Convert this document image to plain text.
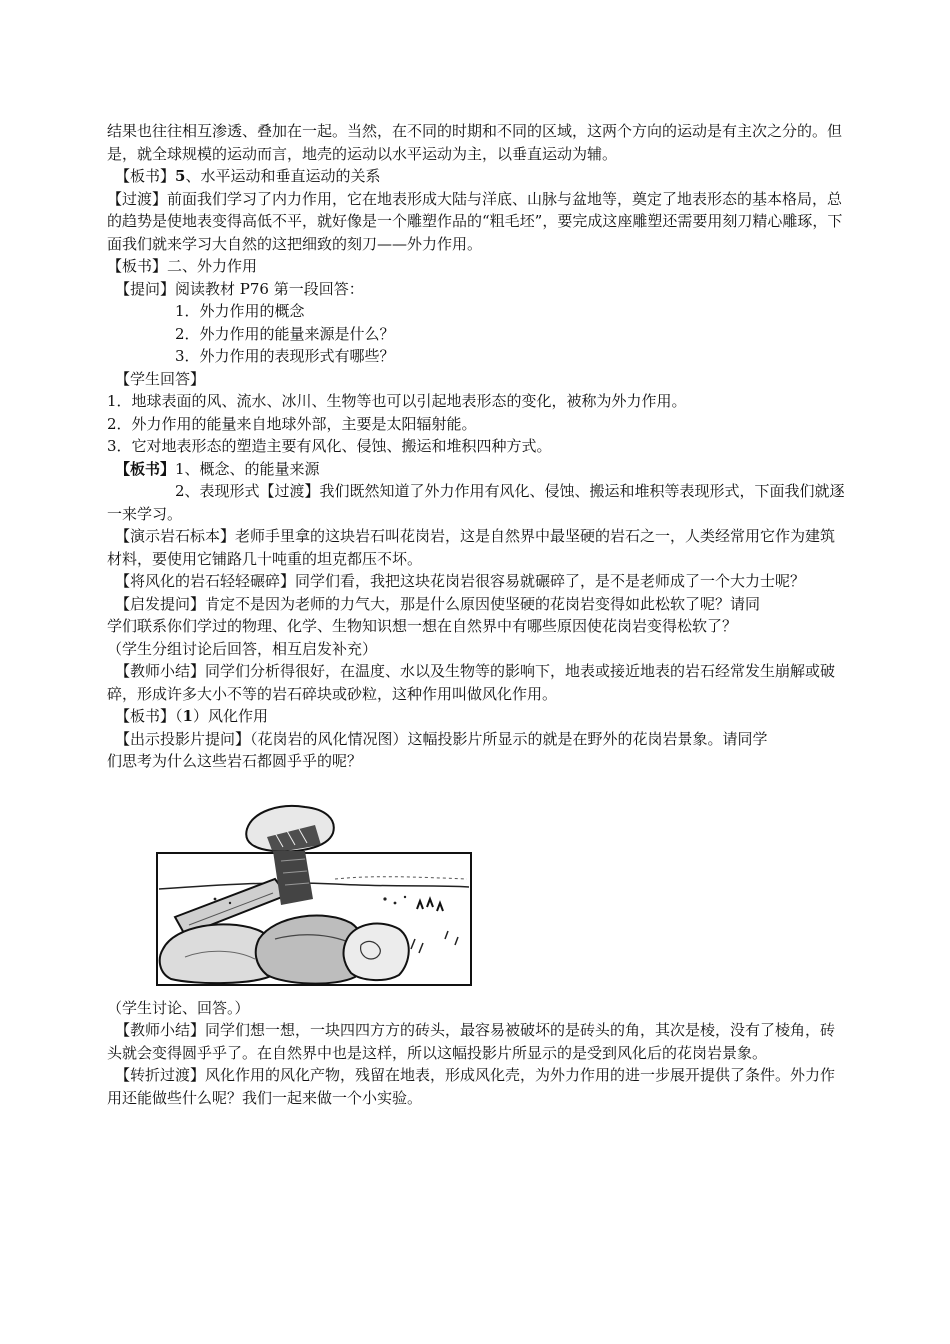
结果也往往相互渗透、叠加在一起。当然，在不同的时期和不同的区域，这两个方向的运动是有主次之分的。但是，就全球规模的运动而言，地壳的运动以水平运动为主，以垂直运动为辅。

【板书】5、水平运动和垂直运动的关系

【过渡】前面我们学习了内力作用，它在地表形成大陆与洋底、山脉与盆地等，奠定了地表形态的基本格局，总的趋势是使地表变得高低不平，就好像是一个雕塑作品的“粗毛坯”，要完成这座雕塑还需要用刻刀精心雕琢，下面我们就来学习大自然的这把细致的刻刀——外力作用。

【板书】二、外力作用

【提问】阅读教材 P76 第一段回答：

1．外力作用的概念

2．外力作用的能量来源是什么？

3．外力作用的表现形式有哪些？

【学生回答】

1．地球表面的风、流水、冰川、生物等也可以引起地表形态的变化，被称为外力作用。

2．外力作用的能量来自地球外部，主要是太阳辐射能。

3．它对地表形态的塑造主要有风化、侵蚀、搬运和堆积四种方式。

【板书】1、概念、的能量来源

2、表现形式【过渡】我们既然知道了外力作用有风化、侵蚀、搬运和堆积等表现形式，下面我们就逐一来学习。

【演示岩石标本】老师手里拿的这块岩石叫花岗岩，这是自然界中最坚硬的岩石之一，人类经常用它作为建筑材料，要使用它铺路几十吨重的坦克都压不坏。

【将风化的岩石轻轻碾碎】同学们看，我把这块花岗岩很容易就碾碎了，是不是老师成了一个大力士呢？

【启发提问】肯定不是因为老师的力气大，那是什么原因使坚硬的花岗岩变得如此松软了呢？请同

学们联系你们学过的物理、化学、生物知识想一想在自然界中有哪些原因使花岗岩变得松软了？

（学生分组讨论后回答，相互启发补充）

【教师小结】同学们分析得很好，在温度、水以及生物等的影响下，地表或接近地表的岩石经常发生崩解或破碎，形成许多大小不等的岩石碎块或砂粒，这种作用叫做风化作用。

【板书】（1）风化作用

【出示投影片提问】（花岗岩的风化情况图）这幅投影片所显示的就是在野外的花岗岩景象。请同学

们思考为什么这些岩石都圆乎乎的呢？

（学生讨论、回答。）

【教师小结】同学们想一想，一块四四方方的砖头，最容易被破坏的是砖头的角，其次是棱，没有了棱角，砖头就会变得圆乎乎了。在自然界中也是这样，所以这幅投影片所显示的是受到风化后的花岗岩景象。

【转折过渡】风化作用的风化产物，残留在地表，形成风化壳，为外力作用的进一步展开提供了条件。外力作用还能做些什么呢？我们一起来做一个小实验。
